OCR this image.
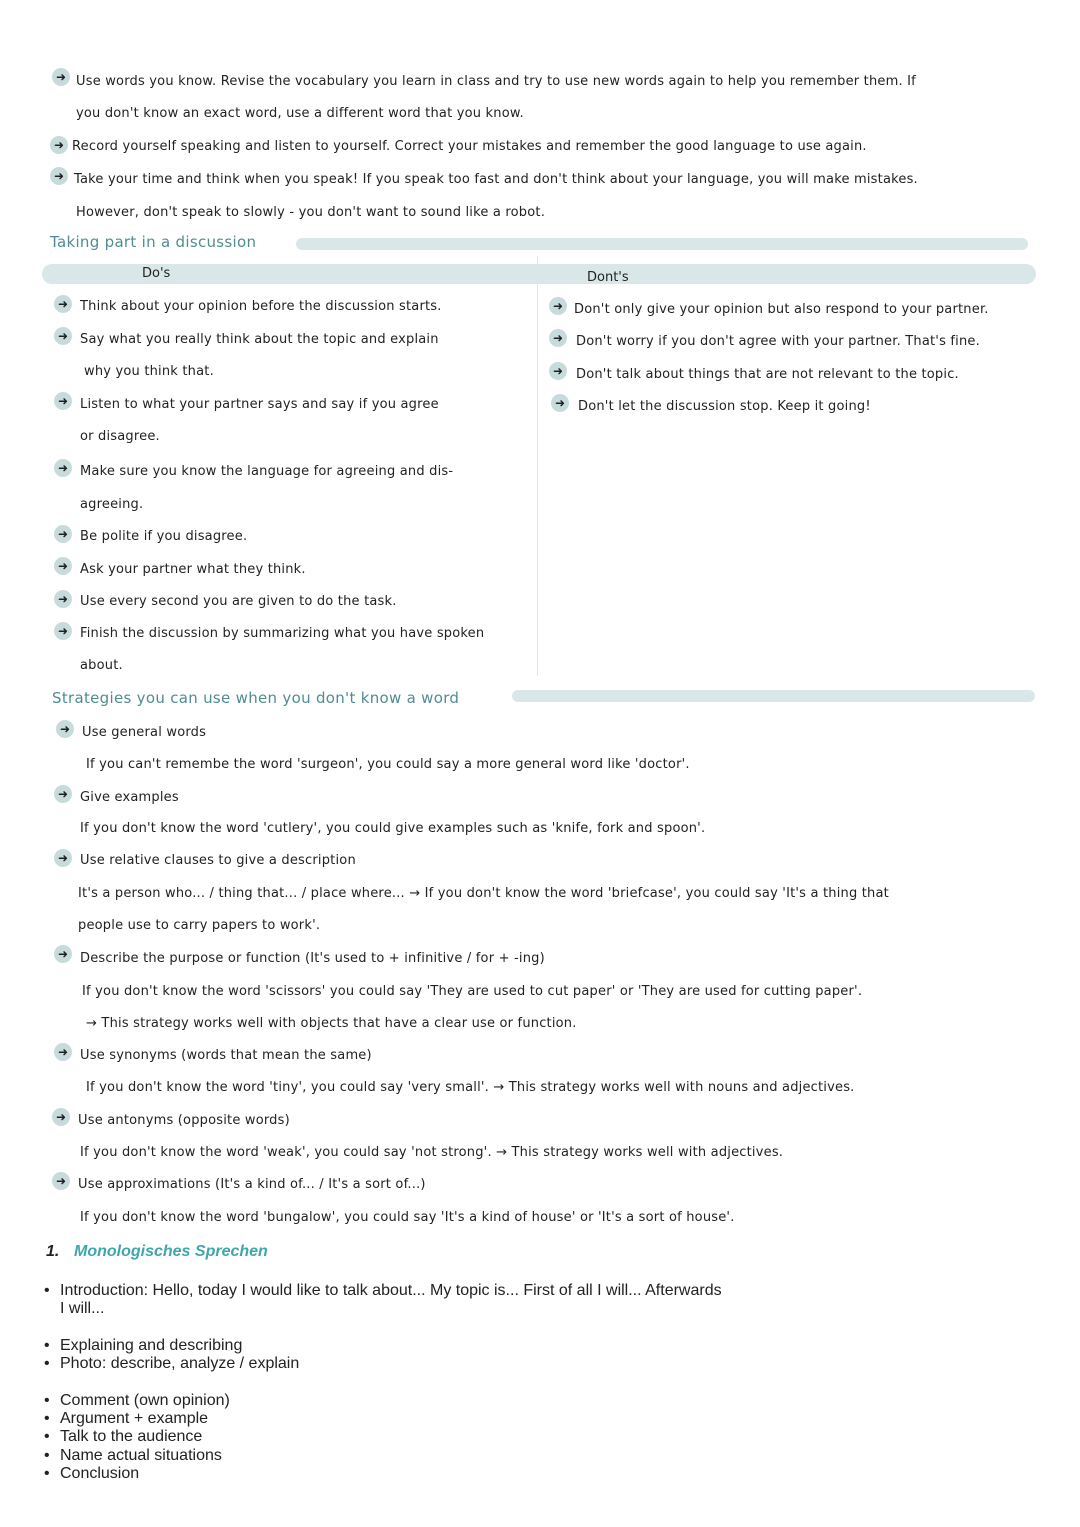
➜ Use words you know. Revise the vocabulary you learn in class and try to use new words again to help you remember them. If
you don't know an exact word, use a different word that you know.
➜ Record yourself speaking and listen to yourself. Correct your mistakes and remember the good language to use again.
➜ Take your time and think when you speak! If you speak too fast and don't think about your language, you will make mistakes.
However, don't speak to slowly - you don't want to sound like a robot.
Taking part in a discussion
Do's	Dont's
➜ Think about your opinion before the discussion starts.
➜ Say what you really think about the topic and explain
why you think that.
➜ Listen to what your partner says and say if you agree
or disagree.
➜ Make sure you know the language for agreeing and dis-
agreeing.
➜ Be polite if you disagree.
➜ Ask your partner what they think.
➜ Use every second you are given to do the task.
➜ Finish the discussion by summarizing what you have spoken
about.
➜ Don't only give your opinion but also respond to your partner.
➜ Don't worry if you don't agree with your partner. That's fine.
➜ Don't talk about things that are not relevant to the topic.
➜ Don't let the discussion stop. Keep it going!
Strategies you can use when you don't know a word
➜ Use general words
If you can't remembe the word 'surgeon', you could say a more general word like 'doctor'.
➜ Give examples
If you don't know the word 'cutlery', you could give examples such as 'knife, fork and spoon'.
➜ Use relative clauses to give a description
It's a person who... / thing that... / place where... → If you don't know the word 'briefcase', you could say 'It's a thing that
people use to carry papers to work'.
➜ Describe the purpose or function (It's used to + infinitive / for + -ing)
If you don't know the word 'scissors' you could say 'They are used to cut paper' or 'They are used for cutting paper'.
→ This strategy works well with objects that have a clear use or function.
➜ Use synonyms (words that mean the same)
If you don't know the word 'tiny', you could say 'very small'. → This strategy works well with nouns and adjectives.
➜ Use antonyms (opposite words)
If you don't know the word 'weak', you could say 'not strong'. → This strategy works well with adjectives.
➜ Use approximations (It's a kind of... / It's a sort of...)
If you don't know the word 'bungalow', you could say 'It's a kind of house' or 'It's a sort of house'.
1. Monologisches Sprechen
• Introduction: Hello, today I would like to talk about... My topic is... First of all I will... Afterwards
I will...
• Explaining and describing
• Photo: describe, analyze / explain
• Comment (own opinion)
• Argument + example
• Talk to the audience
• Name actual situations
• Conclusion
